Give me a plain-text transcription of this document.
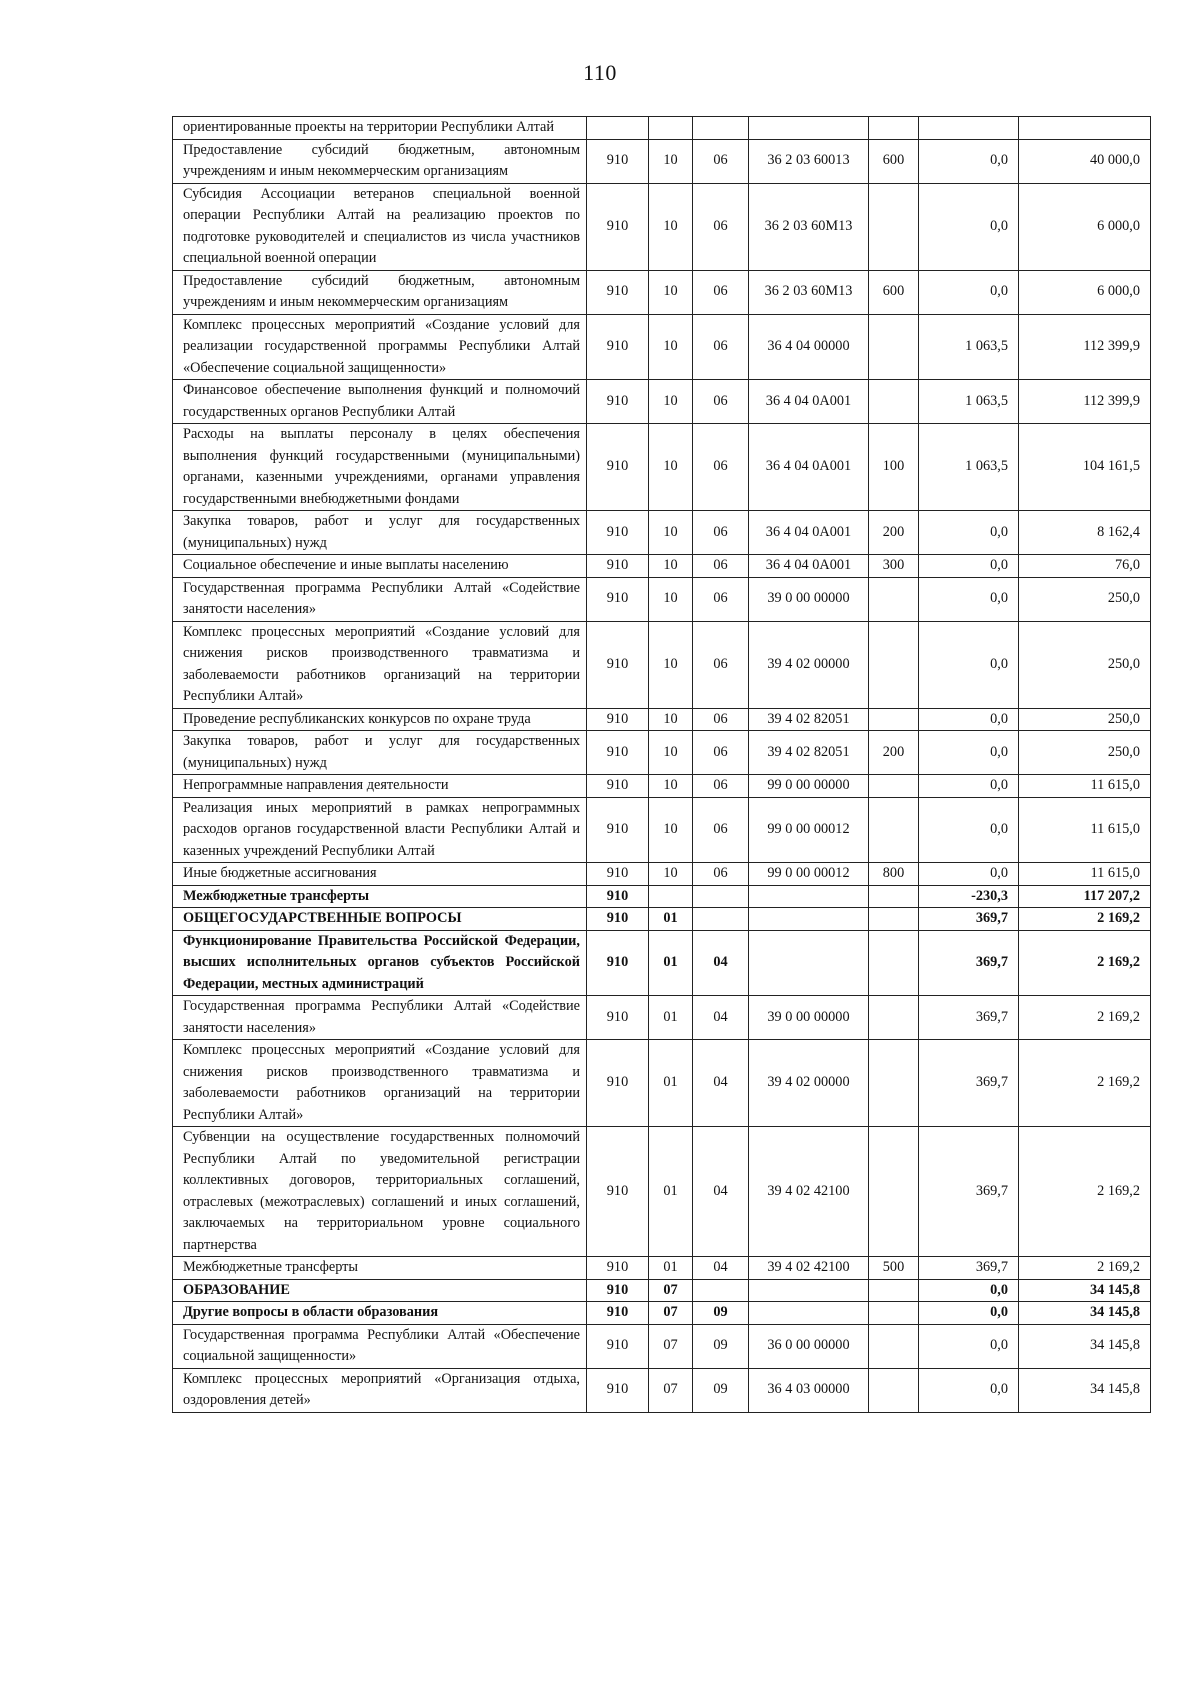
110
ориентированные проекты на территории Республики Алтай							
Предоставление субсидий бюджетным, автономным учреждениям и иным некоммерческим организациям	910	10	06	36 2 03 60013	600	0,0	40 000,0
Субсидия Ассоциации ветеранов специальной военной операции Республики Алтай на реализацию проектов по подготовке руководителей и специалистов из числа участников специальной военной операции	910	10	06	36 2 03 60М13		0,0	6 000,0
Предоставление субсидий бюджетным, автономным учреждениям и иным некоммерческим организациям	910	10	06	36 2 03 60М13	600	0,0	6 000,0
Комплекс процессных мероприятий «Создание условий для реализации государственной программы Республики Алтай «Обеспечение социальной защищенности»	910	10	06	36 4 04 00000		1 063,5	112 399,9
Финансовое обеспечение выполнения функций и полномочий государственных органов Республики Алтай	910	10	06	36 4 04 0А001		1 063,5	112 399,9
Расходы на выплаты персоналу в целях обеспечения выполнения функций государственными (муниципальными) органами, казенными учреждениями, органами управления государственными внебюджетными фондами	910	10	06	36 4 04 0А001	100	1 063,5	104 161,5
Закупка товаров, работ и услуг для государственных (муниципальных) нужд	910	10	06	36 4 04 0А001	200	0,0	8 162,4
Социальное обеспечение и иные выплаты населению	910	10	06	36 4 04 0А001	300	0,0	76,0
Государственная программа Республики Алтай «Содействие занятости населения»	910	10	06	39 0 00 00000		0,0	250,0
Комплекс процессных мероприятий «Создание условий для снижения рисков производственного травматизма и заболеваемости работников организаций на территории Республики Алтай»	910	10	06	39 4 02 00000		0,0	250,0
Проведение республиканских конкурсов по охране труда	910	10	06	39 4 02 82051		0,0	250,0
Закупка товаров, работ и услуг для государственных (муниципальных) нужд	910	10	06	39 4 02 82051	200	0,0	250,0
Непрограммные направления деятельности	910	10	06	99 0 00 00000		0,0	11 615,0
Реализация иных мероприятий в рамках непрограммных расходов органов государственной власти Республики Алтай и казенных учреждений Республики Алтай	910	10	06	99 0 00 00012		0,0	11 615,0
Иные бюджетные ассигнования	910	10	06	99 0 00 00012	800	0,0	11 615,0
Межбюджетные трансферты	910					-230,3	117 207,2
ОБЩЕГОСУДАРСТВЕННЫЕ ВОПРОСЫ	910	01				369,7	2 169,2
Функционирование Правительства Российской Федерации, высших исполнительных органов субъектов Российской Федерации, местных администраций	910	01	04			369,7	2 169,2
Государственная программа Республики Алтай «Содействие занятости населения»	910	01	04	39 0 00 00000		369,7	2 169,2
Комплекс процессных мероприятий «Создание условий для снижения рисков производственного травматизма и заболеваемости работников организаций на территории Республики Алтай»	910	01	04	39 4 02 00000		369,7	2 169,2
Субвенции на осуществление государственных полномочий Республики Алтай по уведомительной регистрации коллективных договоров, территориальных соглашений, отраслевых (межотраслевых) соглашений и иных соглашений, заключаемых на территориальном уровне социального партнерства	910	01	04	39 4 02 42100		369,7	2 169,2
Межбюджетные трансферты	910	01	04	39 4 02 42100	500	369,7	2 169,2
ОБРАЗОВАНИЕ	910	07				0,0	34 145,8
Другие вопросы в области образования	910	07	09			0,0	34 145,8
Государственная программа Республики Алтай «Обеспечение социальной защищенности»	910	07	09	36 0 00 00000		0,0	34 145,8
Комплекс процессных мероприятий «Организация отдыха, оздоровления детей»	910	07	09	36 4 03 00000		0,0	34 145,8
